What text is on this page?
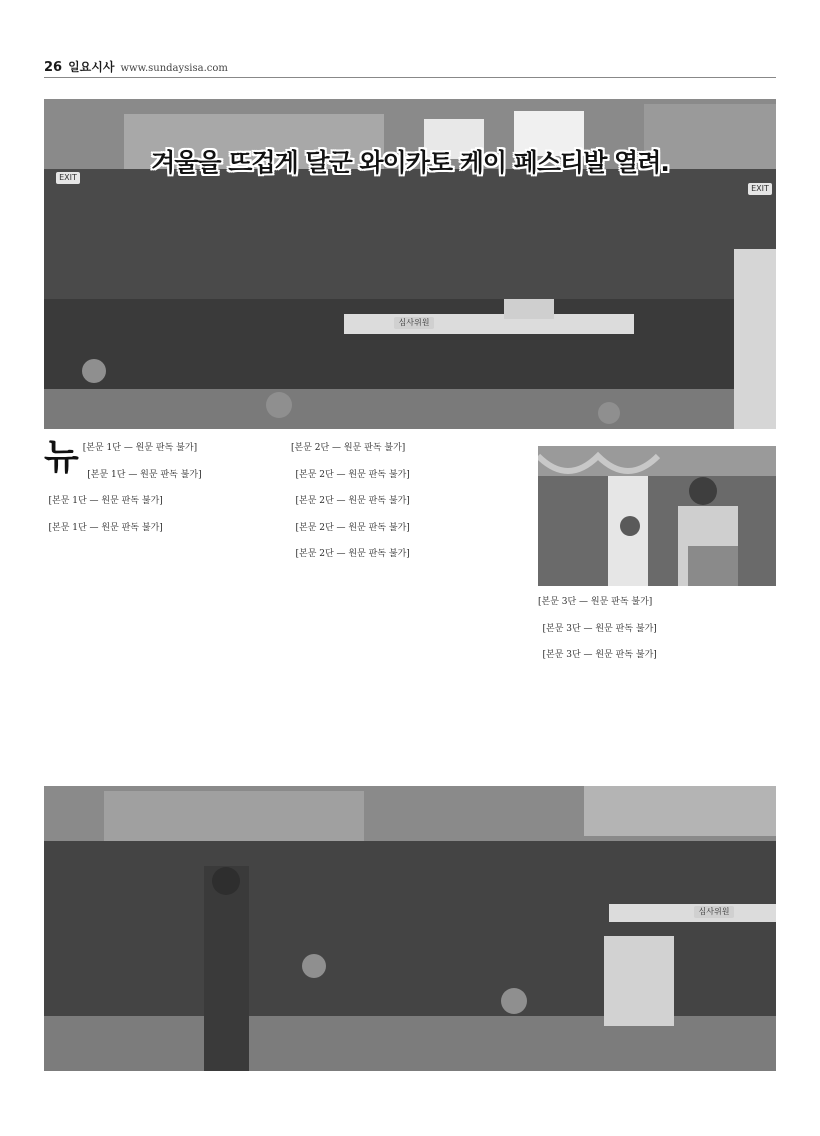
26 일요시사 www.sundaysisa.com
겨울을 뜨겁게 달군 와이카토 케이 페스티발 열려.
EXIT
EXIT
심사위원
뉴 [본문 1단 — 원문 판독 불가]

[본문 1단 — 원문 판독 불가]

[본문 1단 — 원문 판독 불가]

[본문 1단 — 원문 판독 불가]

[본문 2단 — 원문 판독 불가]

[본문 2단 — 원문 판독 불가]

[본문 2단 — 원문 판독 불가]

[본문 2단 — 원문 판독 불가]

[본문 2단 — 원문 판독 불가]

[본문 3단 — 원문 판독 불가]

[본문 3단 — 원문 판독 불가]

[본문 3단 — 원문 판독 불가]

심사위원
